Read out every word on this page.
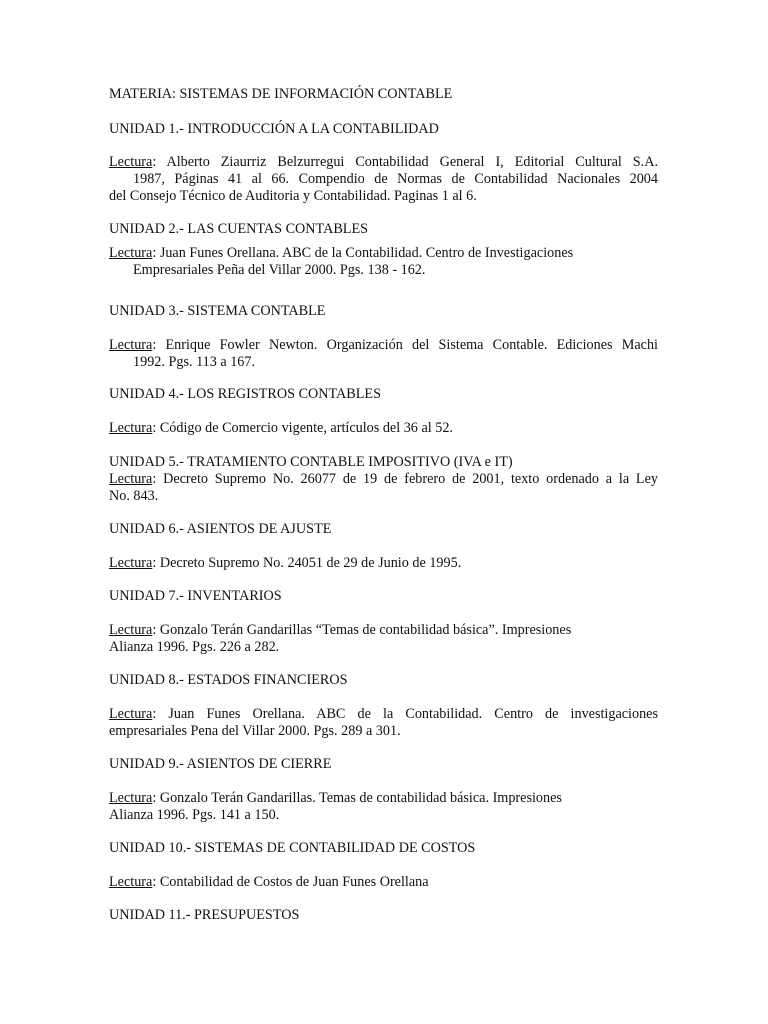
MATERIA: SISTEMAS DE INFORMACIÓN CONTABLE
UNIDAD 1.- INTRODUCCIÓN A LA CONTABILIDAD
Lectura: Alberto Ziaurriz Belzurregui Contabilidad General I, Editorial Cultural S.A.
1987, Páginas 41 al 66. Compendio de Normas de Contabilidad Nacionales 2004
del Consejo Técnico de Auditoria y Contabilidad. Paginas 1 al 6.
UNIDAD 2.- LAS CUENTAS CONTABLES
Lectura: Juan Funes Orellana. ABC de la Contabilidad. Centro de Investigaciones
Empresariales Peña del Villar 2000. Pgs. 138 - 162.
UNIDAD 3.- SISTEMA CONTABLE
Lectura: Enrique Fowler Newton. Organización del Sistema Contable. Ediciones Machi
1992. Pgs. 113 a 167.
UNIDAD 4.- LOS REGISTROS CONTABLES
Lectura: Código de Comercio vigente, artículos del 36 al 52.
UNIDAD 5.- TRATAMIENTO CONTABLE IMPOSITIVO (IVA e IT)
Lectura: Decreto Supremo No. 26077 de 19 de febrero de 2001, texto ordenado a la Ley
No. 843.
UNIDAD 6.- ASIENTOS DE AJUSTE
Lectura: Decreto Supremo No. 24051 de 29 de Junio de 1995.
UNIDAD 7.- INVENTARIOS
Lectura: Gonzalo Terán Gandarillas “Temas de contabilidad básica”. Impresiones
Alianza 1996. Pgs. 226 a 282.
UNIDAD 8.- ESTADOS FINANCIEROS
Lectura: Juan Funes Orellana. ABC de la Contabilidad. Centro de investigaciones
empresariales Pena del Villar 2000. Pgs. 289 a 301.
UNIDAD 9.- ASIENTOS DE CIERRE
Lectura: Gonzalo Terán Gandarillas. Temas de contabilidad básica. Impresiones
Alianza 1996. Pgs. 141 a 150.
UNIDAD 10.- SISTEMAS DE CONTABILIDAD DE COSTOS
Lectura: Contabilidad de Costos de Juan Funes Orellana
UNIDAD 11.- PRESUPUESTOS
